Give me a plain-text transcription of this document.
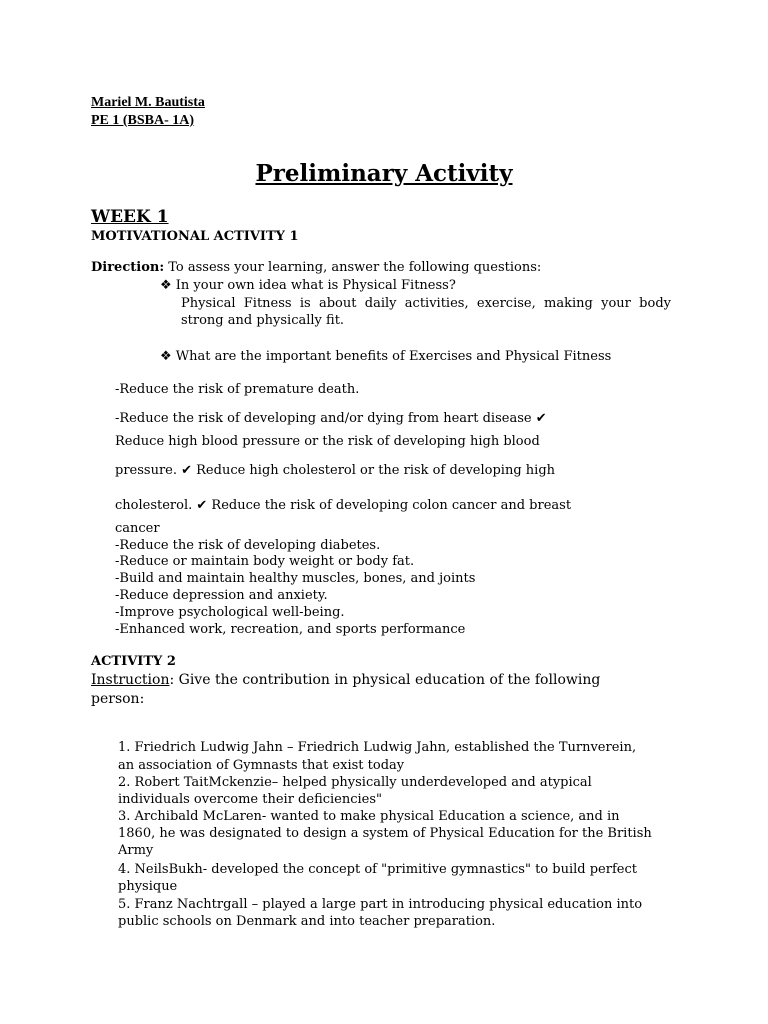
Mariel M. Bautista
PE 1 (BSBA- 1A)
Preliminary Activity
WEEK 1
MOTIVATIONAL ACTIVITY 1
Direction: To assess your learning, answer the following questions:
❖ In your own idea what is Physical Fitness?
Physical Fitness is about daily activities, exercise, making your body
strong and physically fit.
❖ What are the important benefits of Exercises and Physical Fitness
-Reduce the risk of premature death.
-Reduce the risk of developing and/or dying from heart disease ✔
Reduce high blood pressure or the risk of developing high blood
pressure. ✔ Reduce high cholesterol or the risk of developing high
cholesterol. ✔ Reduce the risk of developing colon cancer and breast
cancer
-Reduce the risk of developing diabetes.
-Reduce or maintain body weight or body fat.
-Build and maintain healthy muscles, bones, and joints
-Reduce depression and anxiety.
-Improve psychological well-being.
-Enhanced work, recreation, and sports performance
ACTIVITY 2
Instruction: Give the contribution in physical education of the following
person:
1. Friedrich Ludwig Jahn – Friedrich Ludwig Jahn, established the Turnverein,
an association of Gymnasts that exist today
2. Robert TaitMckenzie– helped physically underdeveloped and atypical
individuals overcome their deficiencies"
3. Archibald McLaren- wanted to make physical Education a science, and in
1860, he was designated to design a system of Physical Education for the British
Army
4. NeilsBukh- developed the concept of "primitive gymnastics" to build perfect
physique
5. Franz Nachtrgall – played a large part in introducing physical education into
public schools on Denmark and into teacher preparation.
